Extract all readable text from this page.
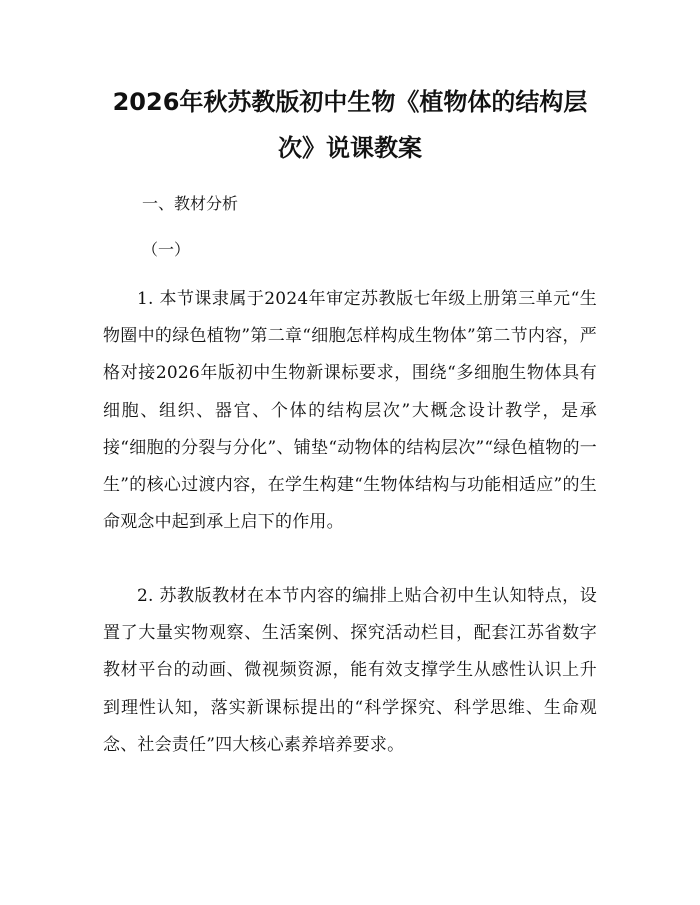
2026年秋苏教版初中生物《植物体的结构层
次》说课教案

一、教材分析

（一）

1. 本节课隶属于2024年审定苏教版七年级上册第三单元“生物圈中的绿色植物”第二章“细胞怎样构成生物体”第二节内容，严格对接2026年版初中生物新课标要求，围绕“多细胞生物体具有细胞、组织、器官、个体的结构层次”大概念设计教学，是承接“细胞的分裂与分化”、铺垫“动物体的结构层次”“绿色植物的一生”的核心过渡内容，在学生构建“生物体结构与功能相适应”的生命观念中起到承上启下的作用。

2. 苏教版教材在本节内容的编排上贴合初中生认知特点，设置了大量实物观察、生活案例、探究活动栏目，配套江苏省数字教材平台的动画、微视频资源，能有效支撑学生从感性认识上升到理性认知，落实新课标提出的“科学探究、科学思维、生命观念、社会责任”四大核心素养培养要求。
